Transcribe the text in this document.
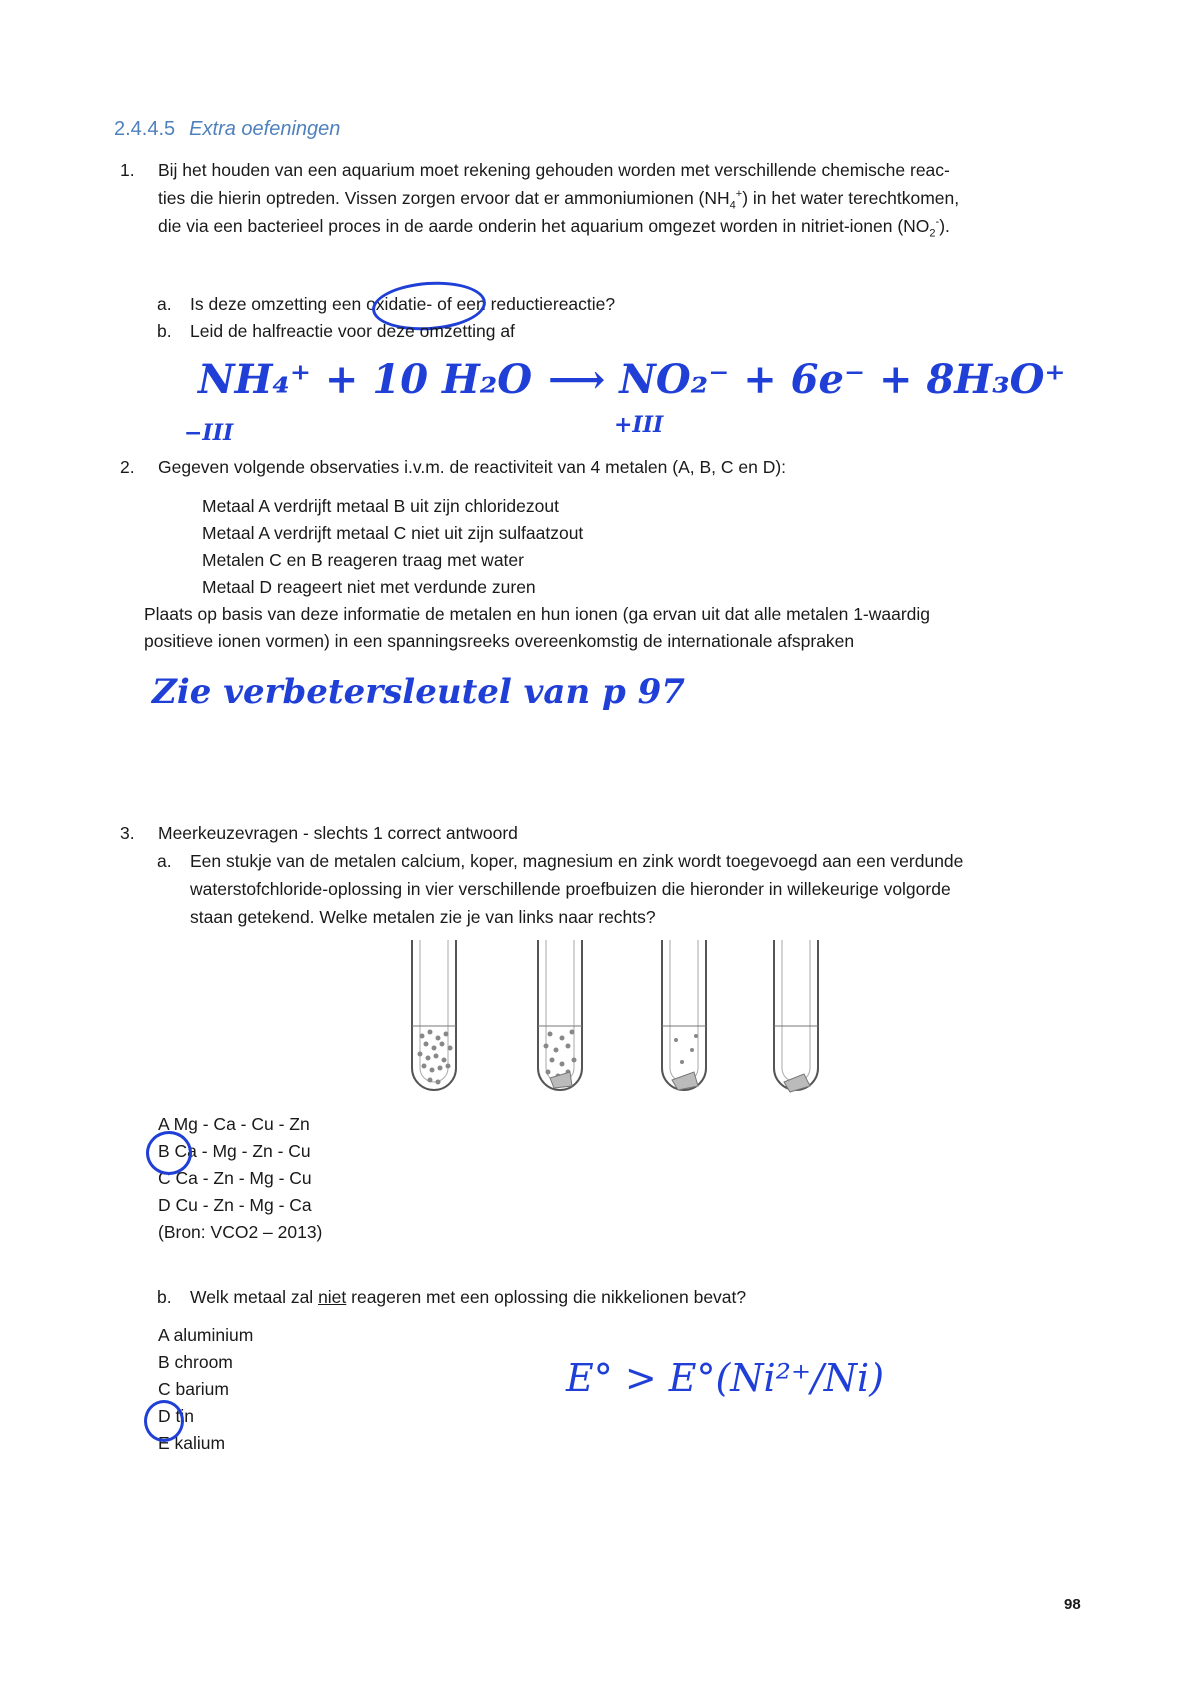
2.4.4.5 Extra oefeningen
1. Bij het houden van een aquarium moet rekening gehouden worden met verschillende chemische reac-
ties die hierin optreden. Vissen zorgen ervoor dat er ammoniumionen $(NH_4^+)$ in het water terechtkomen,
die via een bacterieel proces in de aarde onderin het aquarium omgezet worden in nitriet-ionen $(NO_2^-)$.
a. Is deze omzetting een oxidatie- of een reductiereactie?
b. Leid de halfreactie voor deze omzetting af
NH₄⁺ + 10 H₂O ⟶ NO₂⁻ + 6e⁻ + 8H₃O⁺
−III	+III
2. Gegeven volgende observaties i.v.m. de reactiviteit van 4 metalen (A, B, C en D):
Metaal A verdrijft metaal B uit zijn chloridezout
Metaal A verdrijft metaal C niet uit zijn sulfaatzout
Metalen C en B reageren traag met water
Metaal D reageert niet met verdunde zuren
Plaats op basis van deze informatie de metalen en hun ionen (ga ervan uit dat alle metalen 1-waardig
positieve ionen vormen) in een spanningsreeks overeenkomstig de internationale afspraken
Zie verbetersleutel van p 97
3. Meerkeuzevragen - slechts 1 correct antwoord
a. Een stukje van de metalen calcium, koper, magnesium en zink wordt toegevoegd aan een verdunde
waterstofchloride-oplossing in vier verschillende proefbuizen die hieronder in willekeurige volgorde
staan getekend. Welke metalen zie je van links naar rechts?
A Mg - Ca - Cu - Zn
B Ca - Mg - Zn - Cu
C Ca - Zn - Mg - Cu
D Cu - Zn - Mg - Ca
(Bron: VCO2 – 2013)
b. Welk metaal zal niet reageren met een oplossing die nikkelionen bevat?
A aluminium
B chroom
C barium
D tin
E kalium
E° > E°(Ni²⁺/Ni)
98
